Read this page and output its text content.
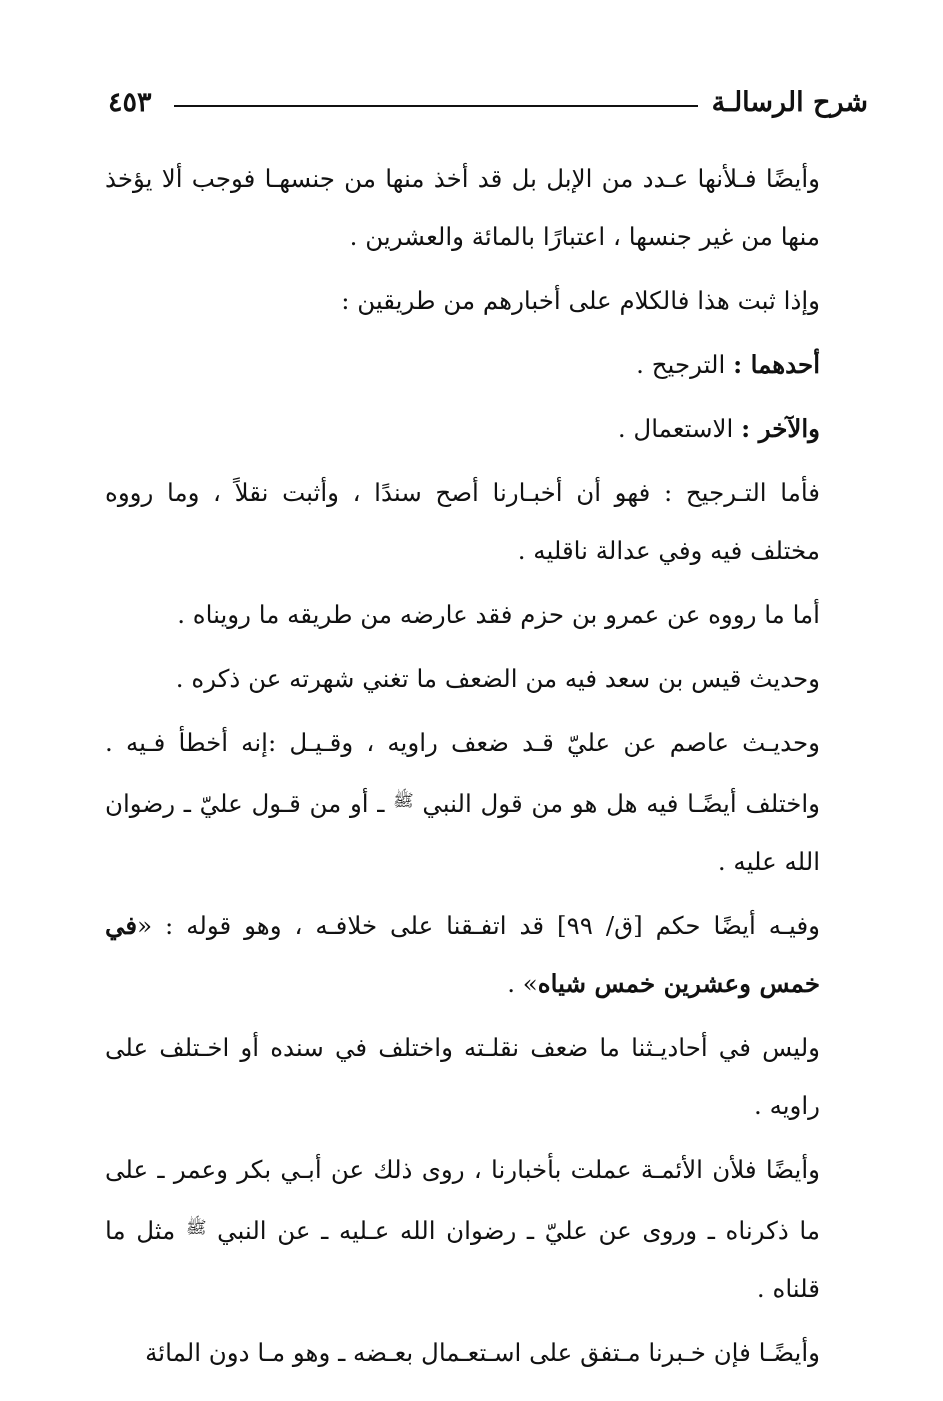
شرح الرسالـة
٤٥٣

وأيضًا فـلأنها عـدد من الإبل بل قد أخذ منها من جنسهـا فوجب ألا يؤخذ منها من غير جنسها ، اعتبارًا بالمائة والعشرين .

وإذا ثبت هذا فالكلام على أخبارهم من طريقين :

أحدهما : الترجيح .

والآخر : الاستعمال .

فأما التـرجيح : فهو أن أخبـارنا أصح سندًا ، وأثبت نقلاً ، وما رووه مختلف فيه وفي عدالة ناقليه .

أما ما رووه عن عمرو بن حزم فقد عارضه من طريقه ما رويناه .

وحديث قيس بن سعد فيه من الضعف ما تغني شهرته عن ذكره .

وحديـث عاصم عن عليّ قـد ضعف راويه ، وقـيـل :إنه أخطأ فـيه . واختلف أيضًـا فيه هل هو من قول النبي $^ﷺ$ ـ أو من قـول عليّ ـ رضوان الله عليه .

وفيـه أيضًا حكم [ق/ ٩٩] قد اتفـقنا على خلافـه ، وهو قوله : «في خمس وعشرين خمس شياه» .

وليس في أحاديـثنا ما ضعف نقلـته واختلف في سنده أو اخـتلف على راويه .

وأيضًا فلأن الأئمـة عملت بأخبارنا ، روى ذلك عن أبـي بكر وعمر ـ على ما ذكرناه ـ وروى عن عليّ ـ رضوان الله عـليه ـ عن النبي $^ﷺ$ مثل ما قلناه .

وأيضًـا فإن خـبرنا مـتفق على اسـتعـمال بعـضه ـ وهو مـا دون المائة
